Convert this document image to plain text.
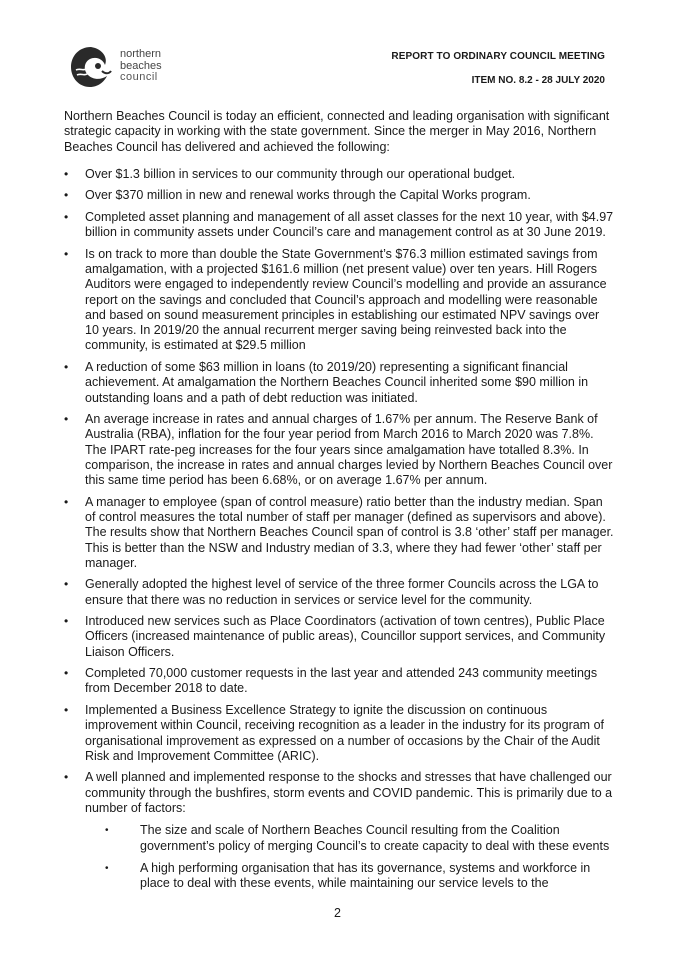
northern
beaches
council
REPORT TO ORDINARY COUNCIL MEETING
ITEM NO. 8.2 - 28 JULY 2020

Northern Beaches Council is today an efficient, connected and leading organisation with significant strategic capacity in working with the state government. Since the merger in May 2016, Northern Beaches Council has delivered and achieved the following:

• Over $1.3 billion in services to our community through our operational budget.
• Over $370 million in new and renewal works through the Capital Works program.
• Completed asset planning and management of all asset classes for the next 10 year, with $4.97 billion in community assets under Council’s care and management control as at 30 June 2019.
• Is on track to more than double the State Government’s $76.3 million estimated savings from amalgamation, with a projected $161.6 million (net present value) over ten years. Hill Rogers Auditors were engaged to independently review Council’s modelling and provide an assurance report on the savings and concluded that Council’s approach and modelling were reasonable and based on sound measurement principles in establishing our estimated NPV savings over 10 years. In 2019/20 the annual recurrent merger saving being reinvested back into the community, is estimated at $29.5 million
• A reduction of some $63 million in loans (to 2019/20) representing a significant financial achievement. At amalgamation the Northern Beaches Council inherited some $90 million in outstanding loans and a path of debt reduction was initiated.
• An average increase in rates and annual charges of 1.67% per annum. The Reserve Bank of Australia (RBA), inflation for the four year period from March 2016 to March 2020 was 7.8%. The IPART rate-peg increases for the four years since amalgamation have totalled 8.3%. In comparison, the increase in rates and annual charges levied by Northern Beaches Council over this same time period has been 6.68%, or on average 1.67% per annum.
• A manager to employee (span of control measure) ratio better than the industry median. Span of control measures the total number of staff per manager (defined as supervisors and above). The results show that Northern Beaches Council span of control is 3.8 ‘other’ staff per manager. This is better than the NSW and Industry median of 3.3, where they had fewer ‘other’ staff per manager.
• Generally adopted the highest level of service of the three former Councils across the LGA to ensure that there was no reduction in services or service level for the community.
• Introduced new services such as Place Coordinators (activation of town centres), Public Place Officers (increased maintenance of public areas), Councillor support services, and Community Liaison Officers.
• Completed 70,000 customer requests in the last year and attended 243 community meetings from December 2018 to date.
• Implemented a Business Excellence Strategy to ignite the discussion on continuous improvement within Council, receiving recognition as a leader in the industry for its program of organisational improvement as expressed on a number of occasions by the Chair of the Audit Risk and Improvement Committee (ARIC).
• A well planned and implemented response to the shocks and stresses that have challenged our community through the bushfires, storm events and COVID pandemic. This is primarily due to a number of factors:
• The size and scale of Northern Beaches Council resulting from the Coalition government’s policy of merging Council’s to create capacity to deal with these events
• A high performing organisation that has its governance, systems and workforce in place to deal with these events, while maintaining our service levels to the
2
